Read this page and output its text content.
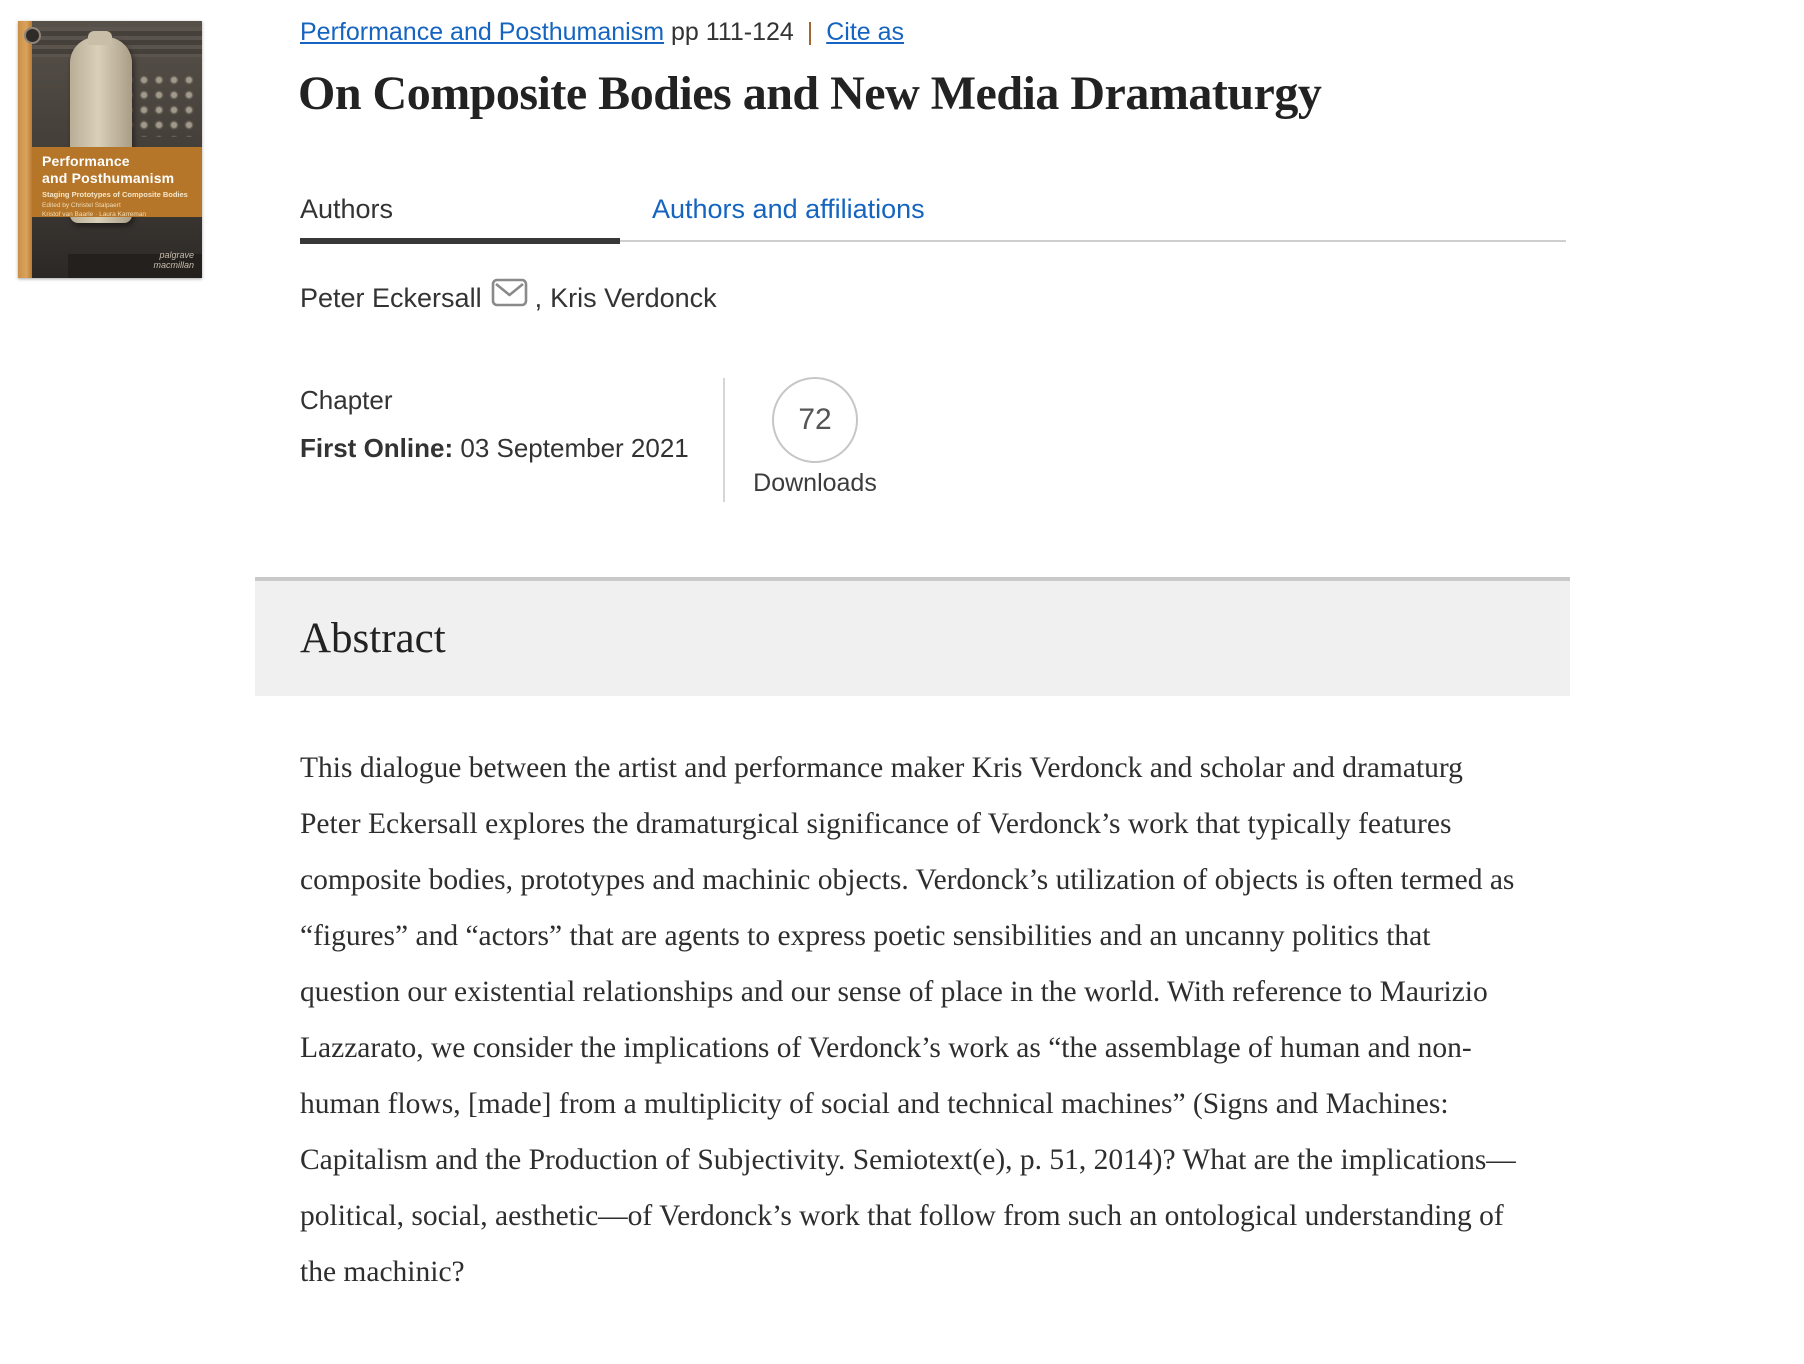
Performance
and Posthumanism
Staging Prototypes of Composite Bodies
Edited by Christel Stalpaert
Kristof van Baarle · Laura Karreman
palgrave
macmillan
Performance and Posthumanism pp 111-124 | Cite as
On Composite Bodies and New Media Dramaturgy
Authors	Authors and affiliations
Peter Eckersall , Kris Verdonck
Chapter
First Online: 03 September 2021
72
Downloads
Abstract

This dialogue between the artist and performance maker Kris Verdonck and scholar and dramaturg Peter Eckersall explores the dramaturgical significance of Verdonck’s work that typically features composite bodies, prototypes and machinic objects. Verdonck’s utilization of objects is often termed as “figures” and “actors” that are agents to express poetic sensibilities and an uncanny politics that question our existential relationships and our sense of place in the world. With reference to Maurizio Lazzarato, we consider the implications of Verdonck’s work as “the assemblage of human and non- human flows, [made] from a multiplicity of social and technical machines” (Signs and Machines: Capitalism and the Production of Subjectivity. Semiotext(e), p. 51, 2014)? What are the implications—political, social, aesthetic—of Verdonck’s work that follow from such an ontological understanding of the machinic?
